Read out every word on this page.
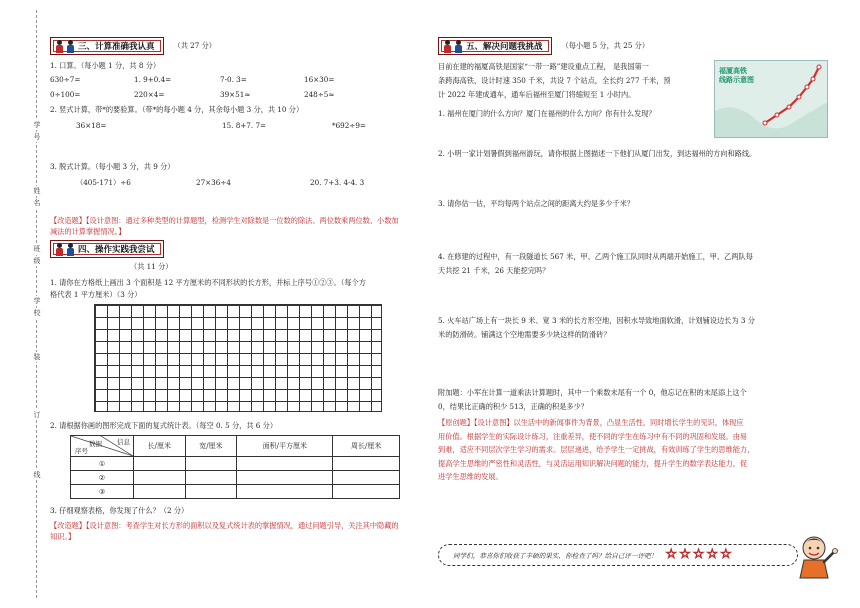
学
号
姓
名
班
级
学
校
装
订
线
三、计算准确我认真	（共 27 分）
1. 口算。（每小题 1 分，共 8 分）
630÷7=	1. 9+0.4=	7-0. 3=	16×30=
0÷100=	220×4=	39×51≈	248÷5≈
2. 竖式计算，带*的要验算。（带*的每小题 4 分，其余每小题 3 分，共 10 分）
36×18=	15. 8+7. 7=	*692÷9=
3. 脱式计算。（每小题 3 分，共 9 分）
（405-171）÷6	27×36÷4	20. 7+3. 4-4. 3
【改造题】【设计意图：通过多种类型的计算题型，检测学生对除数是一位数的除法、两位数乘两位数、小数加
减法的计算掌握情况。】
四、操作实践我尝试
（共 11 分）
1. 请你在方格纸上画出 3 个面积是 12 平方厘米的不同形状的长方形，并标上序号①②③。（每个方
格代表 1 平方厘米）（3 分）
2. 请根据你画的图形完成下面的复式统计表。（每空 0. 5 分，共 6 分）
信息
数据
序号	长/厘米	宽/厘米	面积/平方厘米	周长/厘米
①				
②				
③				
3. 仔细观察表格，你发现了什么？（2 分）
【改造题】【设计意图：考查学生对长方形的面积以及复式统计表的掌握情况，通过问题引导，关注其中隐藏的
知识。】
五、解决问题我挑战	（每小题 5 分，共 25 分）
目前在建的福厦高铁是国家“一带一路”建设重点工程， 是我国第一
条跨海高铁，设计时速 350 千米，共设 7 个站点，全长约 277 千米，预
计 2022 年建成通车，通车后福州至厦门将缩短至 1 小时内。
福厦高铁
线路示意图
1. 福州在厦门的什么方向？厦门在福州的什么方向？你有什么发现？
2. 小明一家计划暑假到福州游玩，请你根据上图描述一下他们从厦门出发，到达福州的方向和路线。
3. 请你估一估，平均每两个站点之间的距离大约是多少千米？
4. 在修建的过程中，有一段隧道长 567 米，甲、乙两个施工队同时从两端开始施工，甲、乙两队每
天共挖 21 千米，26 天能挖完吗？
5. 火车站广场上有一块长 9 米、宽 3 米的长方形空地，因积水导致地面软滑，计划铺设边长为 3 分
米的防滑砖。铺满这个空地需要多少块这样的防滑砖？
附加题：小军在计算一道乘法计算题时，其中一个乘数末尾有一个 0，他忘记在积的末尾添上这个
0，结果比正确的积少 513，正确的积是多少？
【原创题】【设计意图】以生活中的新闻事件为背景，凸显生活性，同时增长学生的见识，体现应
用价值。根据学生的实际设计练习，注重差异，使不同的学生在练习中有不同的巩固和发展。由易
到难，适应不同层次学生学习的需求。层层递进，给予学生一定挑战，有效训练了学生的思维能力，
提高学生思维的严密性和灵活性，与灵活运用知识解决问题的能力，提升学生的数学表达能力，促
进学生思维的发展。
同学们，恭喜你们收获了丰硕的果实，你检查了吗？给自己评一评吧！ ☆ ☆ ☆ ☆ ☆
